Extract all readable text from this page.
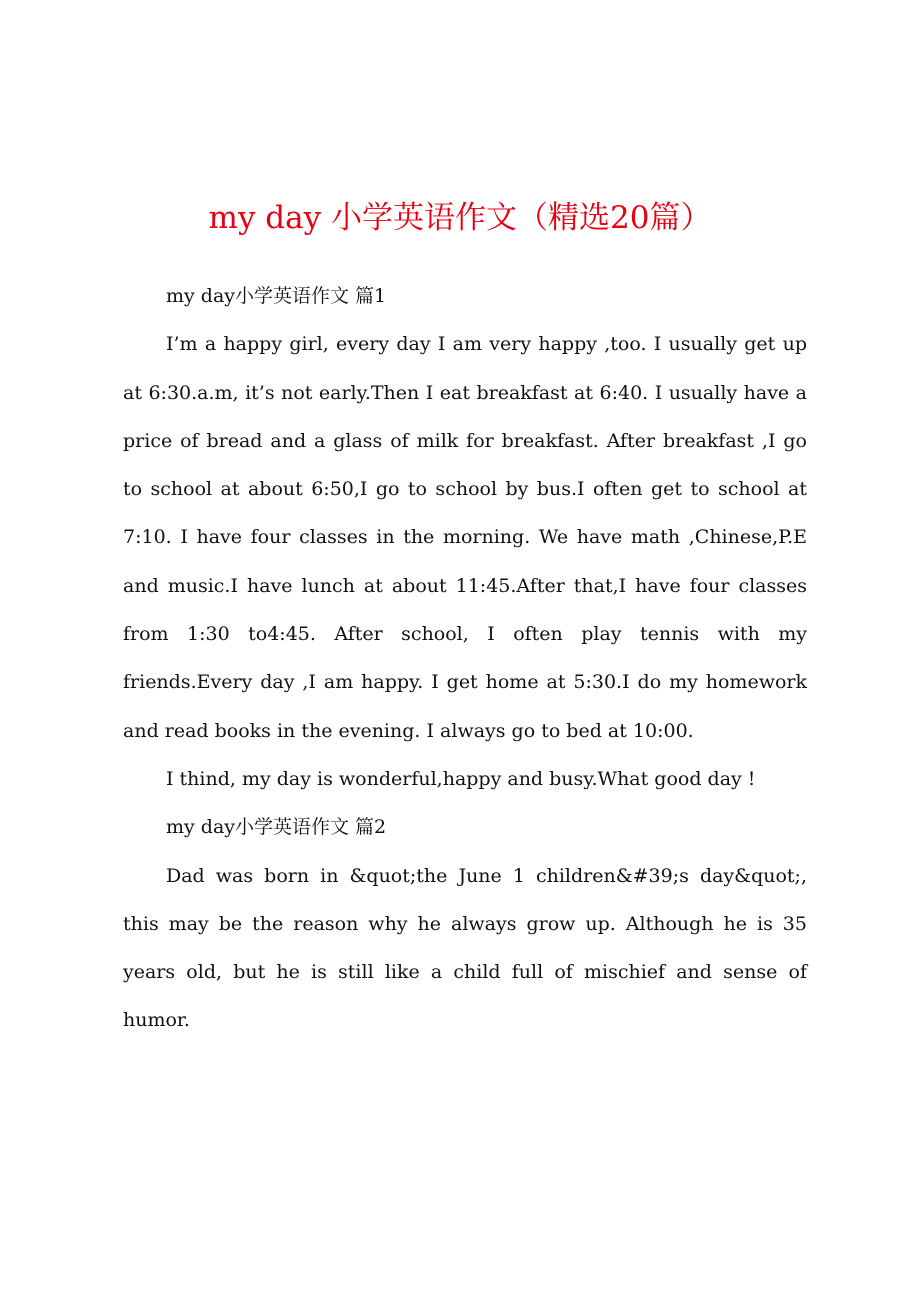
my day 小学英语作文（精选20篇）

my day小学英语作文 篇1

I’m a happy girl, every day I am very happy ,too. I usually get up at 6:30.a.m, it’s not early.Then I eat breakfast at 6:40. I usually have a price of bread and a glass of milk for breakfast. After breakfast ,I go to school at about 6:50,I go to school by bus.I often get to school at 7:10. I have four classes in the morning. We have math ,Chinese,P.E and music.I have lunch at about 11:45.After that,I have four classes from 1:30 to4:45. After school, I often play tennis with my friends.Every day ,I am happy. I get home at 5:30.I do my homework and read books in the evening. I always go to bed at 10:00.

I thind, my day is wonderful,happy and busy.What good day !

my day小学英语作文 篇2

Dad was born in &quot;the June 1 children&#39;s day&quot;, this may be the reason why he always grow up. Although he is 35 years old, but he is still like a child full of mischief and sense of humor.
